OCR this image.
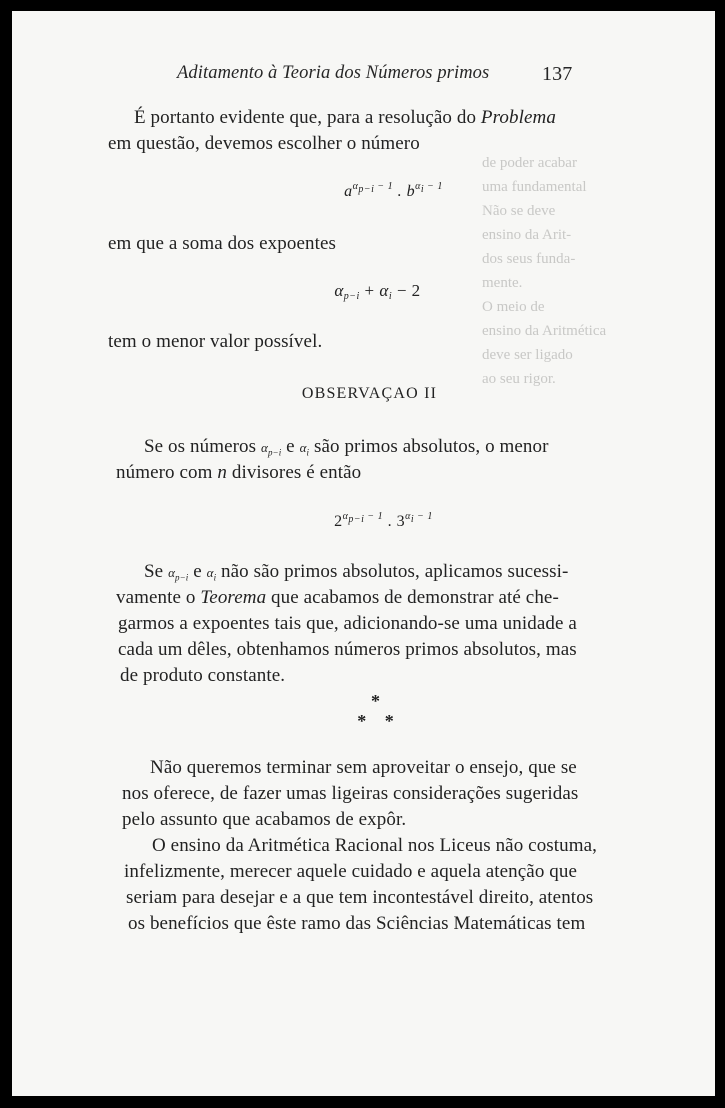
de poder acabar
uma fundamental
Não se deve
ensino da Arit-
dos seus funda-
mente.
O meio de
ensino da Aritmética
deve ser ligado
ao seu rigor.
Aditamento à Teoria dos Números primos	137
É portanto evidente que, para a resolução do Problema
em questão, devemos escolher o número
$a^{\alpha_{p-i} - 1}$ . $b^{\alpha_i - 1}$
em que a soma dos expoentes
$\alpha_{p-i} + \alpha_i - 2$
tem o menor valor possível.
OBSERVAÇAO II
Se os números $\alpha_{p-i}$ e $\alpha_i$ são primos absolutos, o menor
número com n divisores é então
$2^{\alpha_{p-i} - 1}$ . $3^{\alpha_i - 1}$
Se $\alpha_{p-i}$ e $\alpha_i$ não são primos absolutos, aplicamos sucessi-
vamente o Teorema que acabamos de demonstrar até che-
garmos a expoentes tais que, adicionando-se uma unidade a
cada um dêles, obtenhamos números primos absolutos, mas
de produto constante.
*
* *
Não queremos terminar sem aproveitar o ensejo, que se
nos oferece, de fazer umas ligeiras considerações sugeridas
pelo assunto que acabamos de expôr.
O ensino da Aritmética Racional nos Liceus não costuma,
infelizmente, merecer aquele cuidado e aquela atenção que
seriam para desejar e a que tem incontestável direito, atentos
os benefícios que êste ramo das Sciências Matemáticas tem
